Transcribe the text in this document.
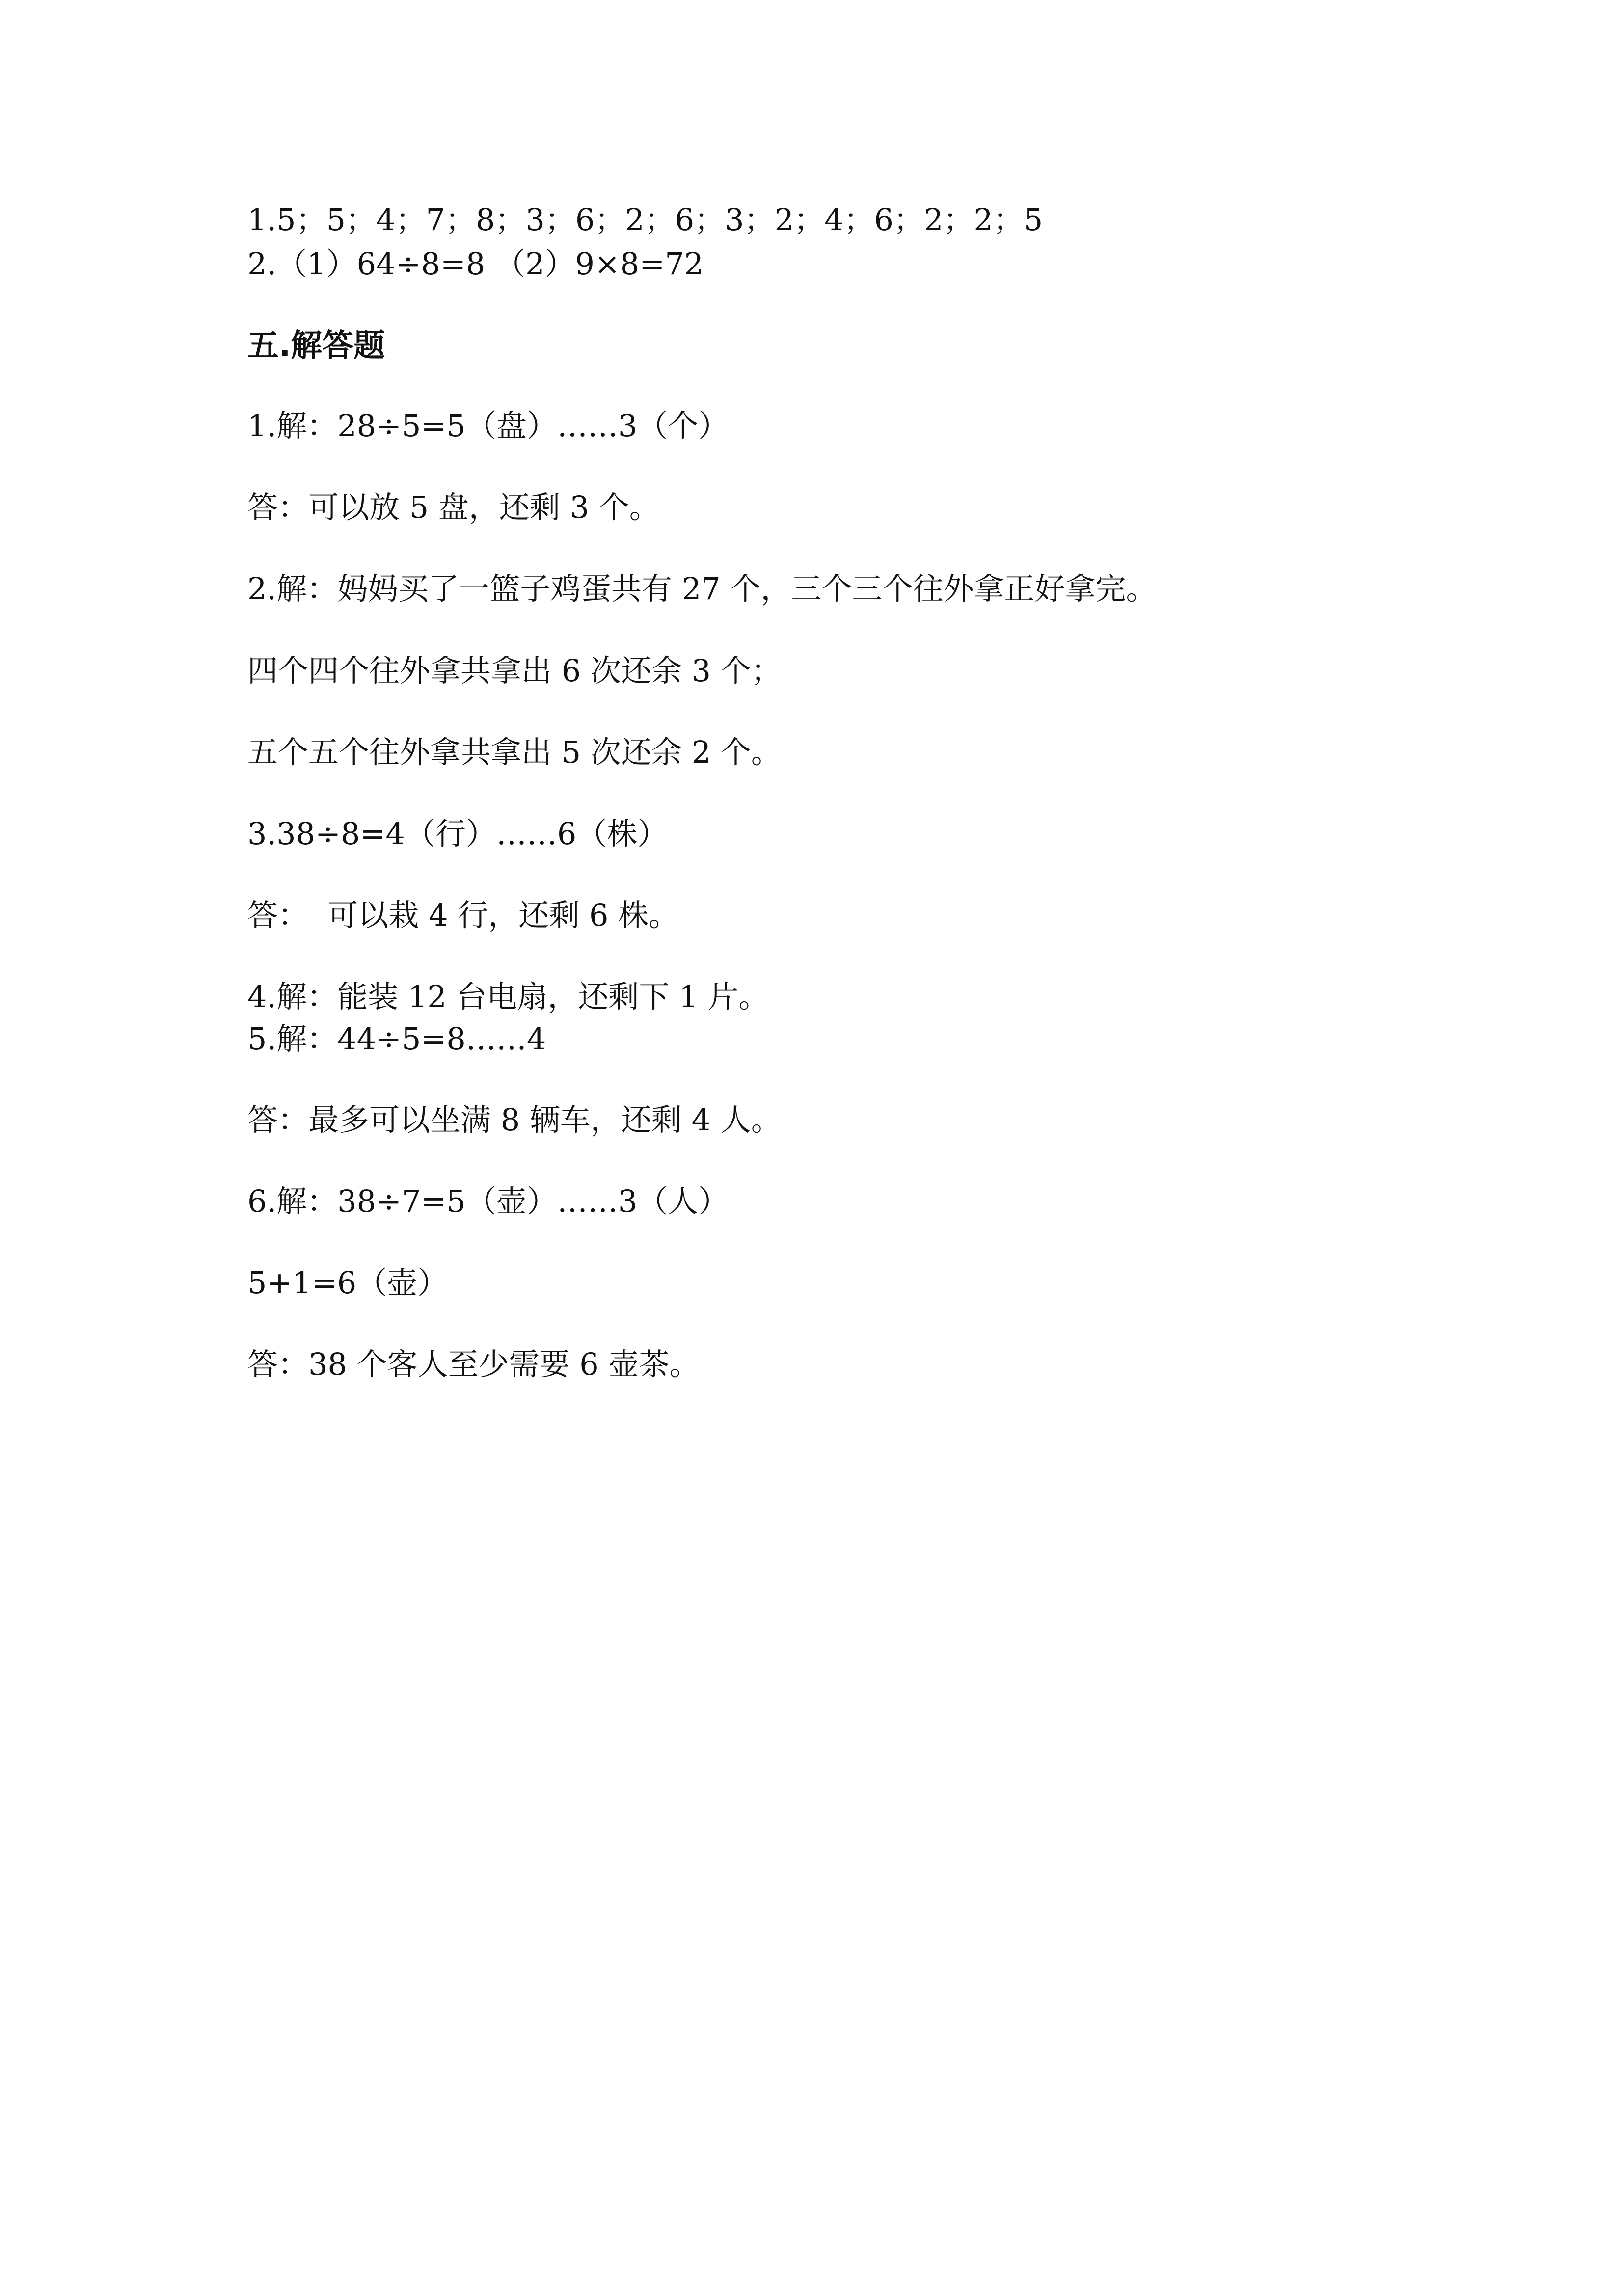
1.5；5；4；7；8；3；6；2；6；3；2；4；6；2；2；5
2.（1）64÷8=8 （2）9×8=72
五.解答题
1.解：28÷5=5（盘）……3（个）
答：可以放 5 盘，还剩 3 个。
2.解：妈妈买了一篮子鸡蛋共有 27 个，三个三个往外拿正好拿完。
四个四个往外拿共拿出 6 次还余 3 个；
五个五个往外拿共拿出 5 次还余 2 个。
3.38÷8=4（行）……6（株）
答：  可以栽 4 行，还剩 6 株。
4.解：能装 12 台电扇，还剩下 1 片。
5.解：44÷5=8……4
答：最多可以坐满 8 辆车，还剩 4 人。
6.解：38÷7=5（壶）……3（人）
5+1=6（壶）
答：38 个客人至少需要 6 壶茶。
